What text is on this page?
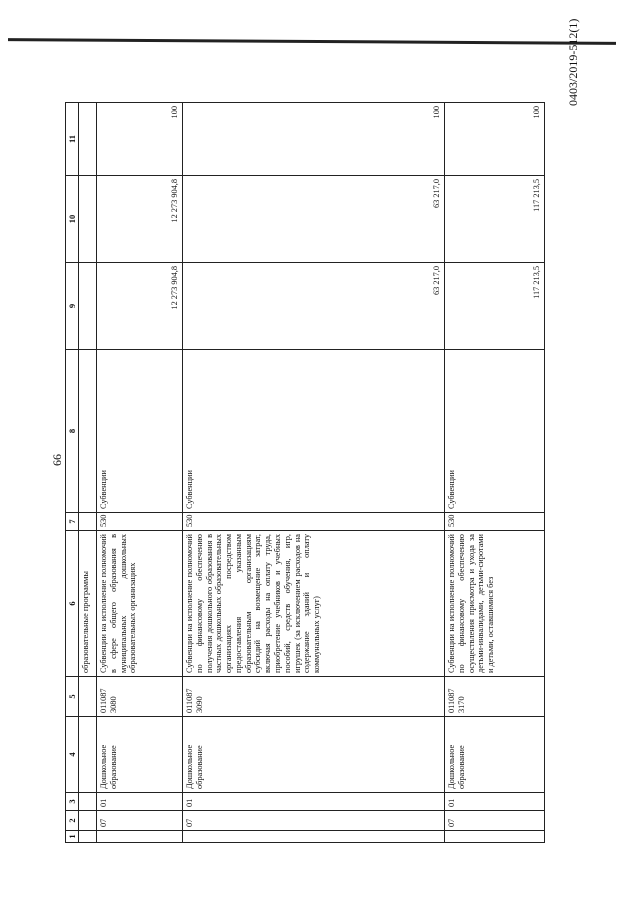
66
0403/2019-512(1)
1	2	3	4	5	6	7	8	9	10	11
					образовательные программы					
	07	01	Дошкольное образование	011087 3080	Субвенции на исполнение полномочий в сфере общего образования в муниципальных дошкольных образовательных организациях	530	Субвенции	12 273 904,8	12 273 904,8	100
	07	01	Дошкольное образование	011087 3090	Субвенции на исполнение полномочий по финансовому обеспечению получения дошкольного образования в частных дошкольных образовательных организациях посредством предоставления указанным образовательным организациям субсидий на возмещение затрат, включая расходы на оплату труда, приобретение учебников и учебных пособий, средств обучения, игр, игрушек (за исключением расходов на содержание зданий и оплату коммунальных услуг)	530	Субвенции	63 217,0	63 217,0	100
	07	01	Дошкольное образование	011087 3170	Субвенции на исполнение полномочий по финансовому обеспечению осуществления присмотра и ухода за детьми-инвалидами, детьми-сиротами и детьми, оставшимися без	530	Субвенции	117 213,5	117 213,5	100
